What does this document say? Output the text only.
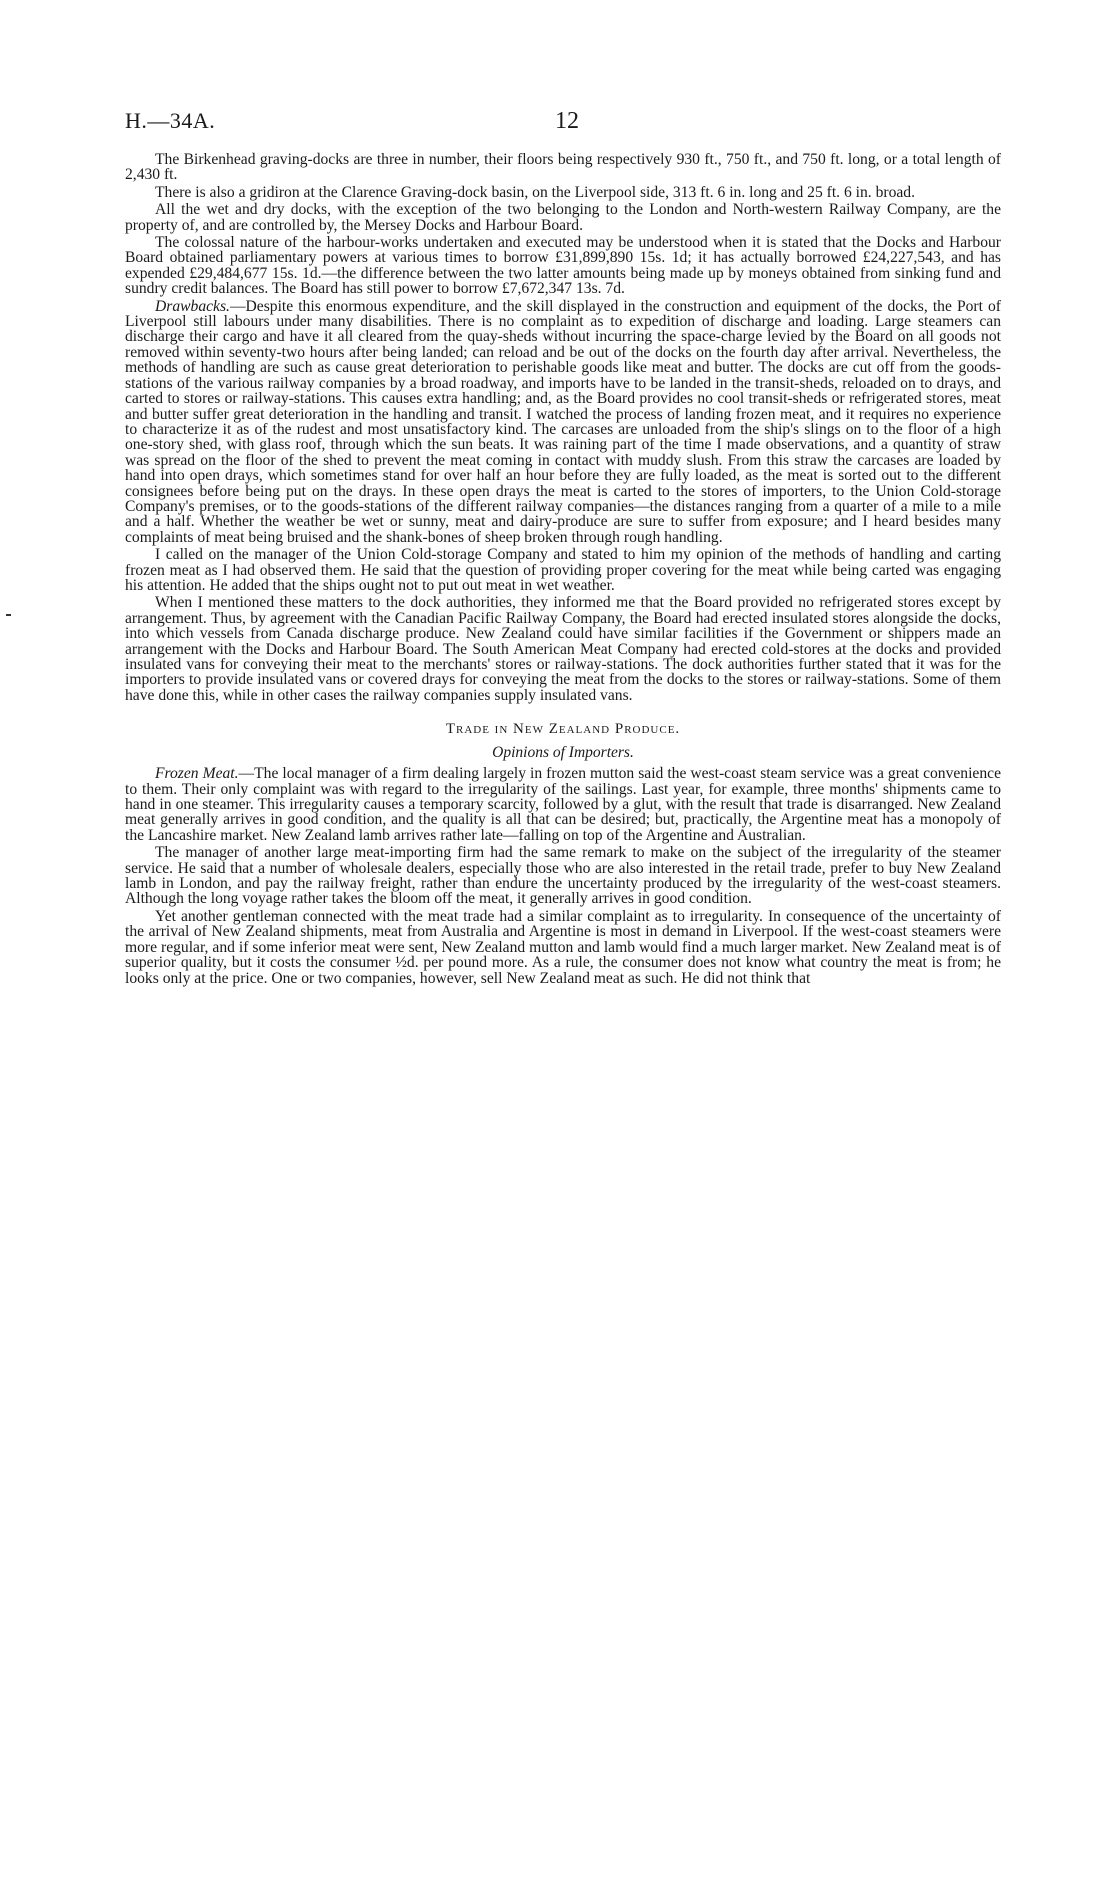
H.—34A.	12

The Birkenhead graving-docks are three in number, their floors being respectively 930 ft., 750 ft., and 750 ft. long, or a total length of 2,430 ft.

There is also a gridiron at the Clarence Graving-dock basin, on the Liverpool side, 313 ft. 6 in. long and 25 ft. 6 in. broad.

All the wet and dry docks, with the exception of the two belonging to the London and North-western Railway Company, are the property of, and are controlled by, the Mersey Docks and Harbour Board.

The colossal nature of the harbour-works undertaken and executed may be understood when it is stated that the Docks and Harbour Board obtained parliamentary powers at various times to borrow £31,899,890 15s. 1d; it has actually borrowed £24,227,543, and has expended £29,484,677 15s. 1d.—the difference between the two latter amounts being made up by moneys obtained from sinking fund and sundry credit balances. The Board has still power to borrow £7,672,347 13s. 7d.

Drawbacks.—Despite this enormous expenditure, and the skill displayed in the construction and equipment of the docks, the Port of Liverpool still labours under many disabilities. There is no complaint as to expedition of discharge and loading. Large steamers can discharge their cargo and have it all cleared from the quay-sheds without incurring the space-charge levied by the Board on all goods not removed within seventy-two hours after being landed; can reload and be out of the docks on the fourth day after arrival. Nevertheless, the methods of handling are such as cause great deterioration to perishable goods like meat and butter. The docks are cut off from the goods-stations of the various railway companies by a broad roadway, and imports have to be landed in the transit-sheds, reloaded on to drays, and carted to stores or railway-stations. This causes extra handling; and, as the Board provides no cool transit-sheds or refrigerated stores, meat and butter suffer great deterioration in the handling and transit. I watched the process of landing frozen meat, and it requires no experience to characterize it as of the rudest and most unsatisfactory kind. The carcases are unloaded from the ship's slings on to the floor of a high one-story shed, with glass roof, through which the sun beats. It was raining part of the time I made observations, and a quantity of straw was spread on the floor of the shed to prevent the meat coming in contact with muddy slush. From this straw the carcases are loaded by hand into open drays, which sometimes stand for over half an hour before they are fully loaded, as the meat is sorted out to the different consignees before being put on the drays. In these open drays the meat is carted to the stores of importers, to the Union Cold-storage Company's premises, or to the goods-stations of the different railway companies—the distances ranging from a quarter of a mile to a mile and a half. Whether the weather be wet or sunny, meat and dairy-produce are sure to suffer from exposure; and I heard besides many complaints of meat being bruised and the shank-bones of sheep broken through rough handling.

I called on the manager of the Union Cold-storage Company and stated to him my opinion of the methods of handling and carting frozen meat as I had observed them. He said that the question of providing proper covering for the meat while being carted was engaging his attention. He added that the ships ought not to put out meat in wet weather.

When I mentioned these matters to the dock authorities, they informed me that the Board provided no refrigerated stores except by arrangement. Thus, by agreement with the Canadian Pacific Railway Company, the Board had erected insulated stores alongside the docks, into which vessels from Canada discharge produce. New Zealand could have similar facilities if the Government or shippers made an arrangement with the Docks and Harbour Board. The South American Meat Company had erected cold-stores at the docks and provided insulated vans for conveying their meat to the merchants' stores or railway-stations. The dock authorities further stated that it was for the importers to provide insulated vans or covered drays for conveying the meat from the docks to the stores or railway-stations. Some of them have done this, while in other cases the railway companies supply insulated vans.

Trade in New Zealand Produce.
Opinions of Importers.

Frozen Meat.—The local manager of a firm dealing largely in frozen mutton said the west-coast steam service was a great convenience to them. Their only complaint was with regard to the irregularity of the sailings. Last year, for example, three months' shipments came to hand in one steamer. This irregularity causes a temporary scarcity, followed by a glut, with the result that trade is disarranged. New Zealand meat generally arrives in good condition, and the quality is all that can be desired; but, practically, the Argentine meat has a monopoly of the Lancashire market. New Zealand lamb arrives rather late—falling on top of the Argentine and Australian.

The manager of another large meat-importing firm had the same remark to make on the subject of the irregularity of the steamer service. He said that a number of wholesale dealers, especially those who are also interested in the retail trade, prefer to buy New Zealand lamb in London, and pay the railway freight, rather than endure the uncertainty produced by the irregularity of the west-coast steamers. Although the long voyage rather takes the bloom off the meat, it generally arrives in good condition.

Yet another gentleman connected with the meat trade had a similar complaint as to irregularity. In consequence of the uncertainty of the arrival of New Zealand shipments, meat from Australia and Argentine is most in demand in Liverpool. If the west-coast steamers were more regular, and if some inferior meat were sent, New Zealand mutton and lamb would find a much larger market. New Zealand meat is of superior quality, but it costs the consumer ½d. per pound more. As a rule, the consumer does not know what country the meat is from; he looks only at the price. One or two companies, however, sell New Zealand meat as such. He did not think that
